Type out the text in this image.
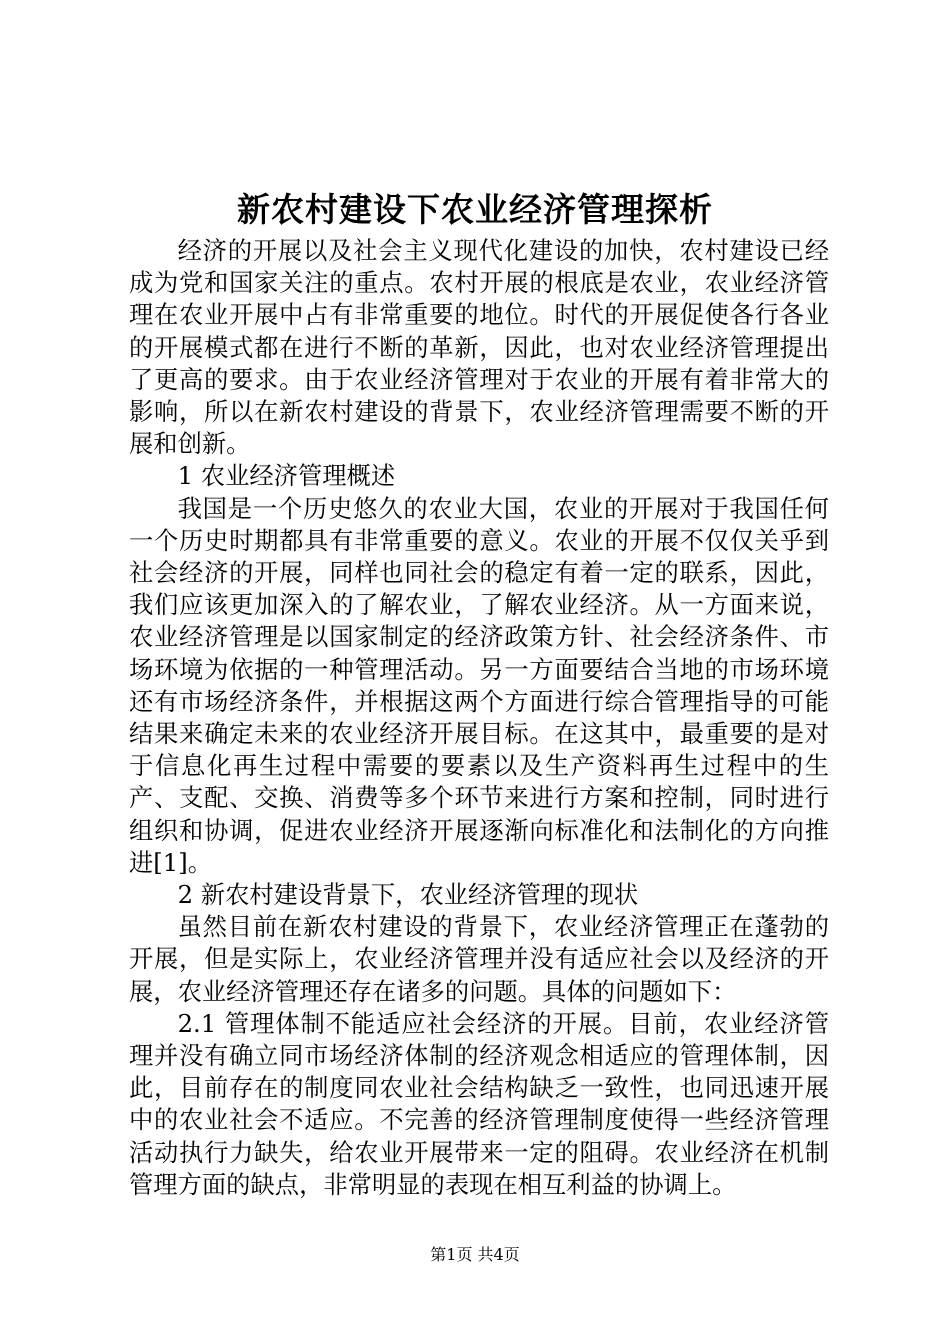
新农村建设下农业经济管理探析

经济的开展以及社会主义现代化建设的加快，农村建设已经成为党和国家关注的重点。农村开展的根底是农业，农业经济管理在农业开展中占有非常重要的地位。时代的开展促使各行各业的开展模式都在进行不断的革新，因此，也对农业经济管理提出了更高的要求。由于农业经济管理对于农业的开展有着非常大的影响，所以在新农村建设的背景下，农业经济管理需要不断的开展和创新。

1 农业经济管理概述

我国是一个历史悠久的农业大国，农业的开展对于我国任何一个历史时期都具有非常重要的意义。农业的开展不仅仅关乎到社会经济的开展，同样也同社会的稳定有着一定的联系，因此，我们应该更加深入的了解农业，了解农业经济。从一方面来说，农业经济管理是以国家制定的经济政策方针、社会经济条件、市场环境为依据的一种管理活动。另一方面要结合当地的市场环境还有市场经济条件，并根据这两个方面进行综合管理指导的可能结果来确定未来的农业经济开展目标。在这其中，最重要的是对于信息化再生过程中需要的要素以及生产资料再生过程中的生产、支配、交换、消费等多个环节来进行方案和控制，同时进行组织和协调，促进农业经济开展逐渐向标准化和法制化的方向推进[1]。

2 新农村建设背景下，农业经济管理的现状

虽然目前在新农村建设的背景下，农业经济管理正在蓬勃的开展，但是实际上，农业经济管理并没有适应社会以及经济的开展，农业经济管理还存在诸多的问题。具体的问题如下：

2.1 管理体制不能适应社会经济的开展。目前，农业经济管理并没有确立同市场经济体制的经济观念相适应的管理体制，因此，目前存在的制度同农业社会结构缺乏一致性，也同迅速开展中的农业社会不适应。不完善的经济管理制度使得一些经济管理活动执行力缺失，给农业开展带来一定的阻碍。农业经济在机制管理方面的缺点，非常明显的表现在相互利益的协调上。

第1页 共4页
